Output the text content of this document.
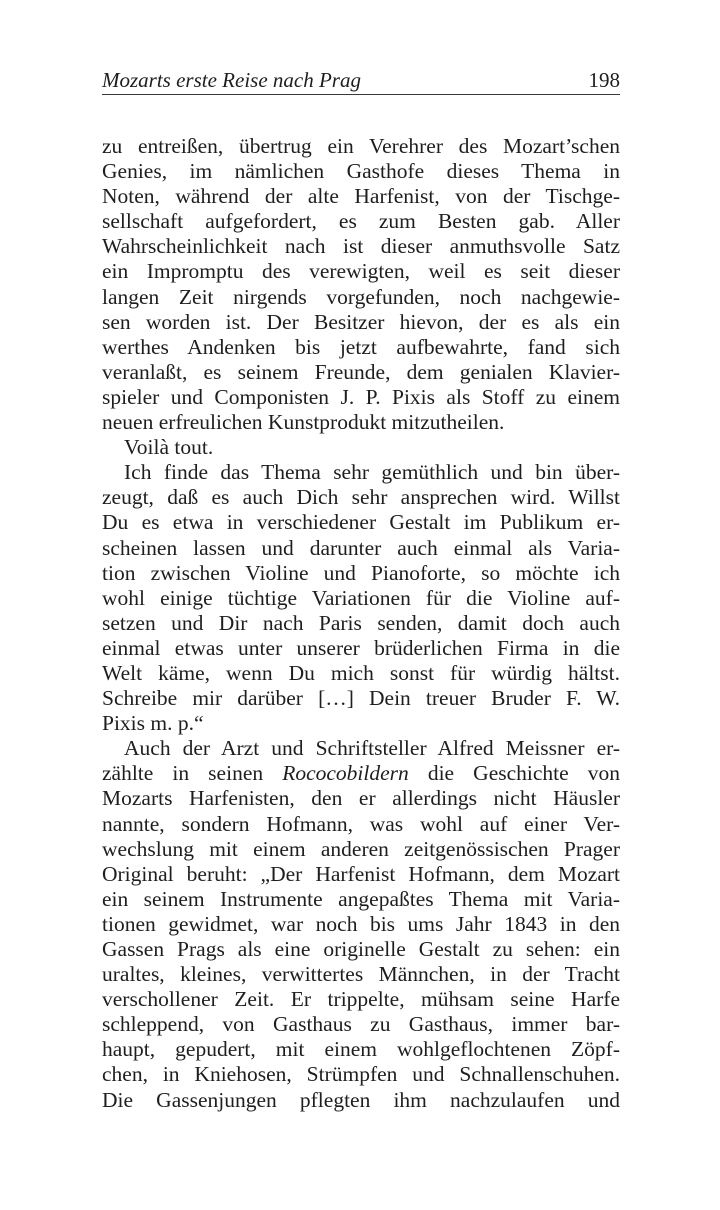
Mozarts erste Reise nach Prag	198
zu entreißen, übertrug ein Verehrer des Mozart’schen
Genies, im nämlichen Gasthofe dieses Thema in
Noten, während der alte Harfenist, von der Tischge-
sellschaft aufgefordert, es zum Besten gab. Aller
Wahrscheinlichkeit nach ist dieser anmuthsvolle Satz
ein Impromptu des verewigten, weil es seit dieser
langen Zeit nirgends vorgefunden, noch nachgewie-
sen worden ist. Der Besitzer hievon, der es als ein
werthes Andenken bis jetzt aufbewahrte, fand sich
veranlaßt, es seinem Freunde, dem genialen Klavier-
spieler und Componisten J. P. Pixis als Stoff zu einem
neuen erfreulichen Kunstprodukt mitzutheilen.
Voilà tout.
Ich finde das Thema sehr gemüthlich und bin über-
zeugt, daß es auch Dich sehr ansprechen wird. Willst
Du es etwa in verschiedener Gestalt im Publikum er-
scheinen lassen und darunter auch einmal als Varia-
tion zwischen Violine und Pianoforte, so möchte ich
wohl einige tüchtige Variationen für die Violine auf-
setzen und Dir nach Paris senden, damit doch auch
einmal etwas unter unserer brüderlichen Firma in die
Welt käme, wenn Du mich sonst für würdig hältst.
Schreibe mir darüber […] Dein treuer Bruder F. W.
Pixis m. p.“
Auch der Arzt und Schriftsteller Alfred Meissner er-
zählte in seinen Rococobildern die Geschichte von
Mozarts Harfenisten, den er allerdings nicht Häusler
nannte, sondern Hofmann, was wohl auf einer Ver-
wechslung mit einem anderen zeitgenössischen Prager
Original beruht: „Der Harfenist Hofmann, dem Mozart
ein seinem Instrumente angepaßtes Thema mit Varia-
tionen gewidmet, war noch bis ums Jahr 1843 in den
Gassen Prags als eine originelle Gestalt zu sehen: ein
uraltes, kleines, verwittertes Männchen, in der Tracht
verschollener Zeit. Er trippelte, mühsam seine Harfe
schleppend, von Gasthaus zu Gasthaus, immer bar-
haupt, gepudert, mit einem wohlgeflochtenen Zöpf-
chen, in Kniehosen, Strümpfen und Schnallenschuhen.
Die Gassenjungen pflegten ihm nachzulaufen und
